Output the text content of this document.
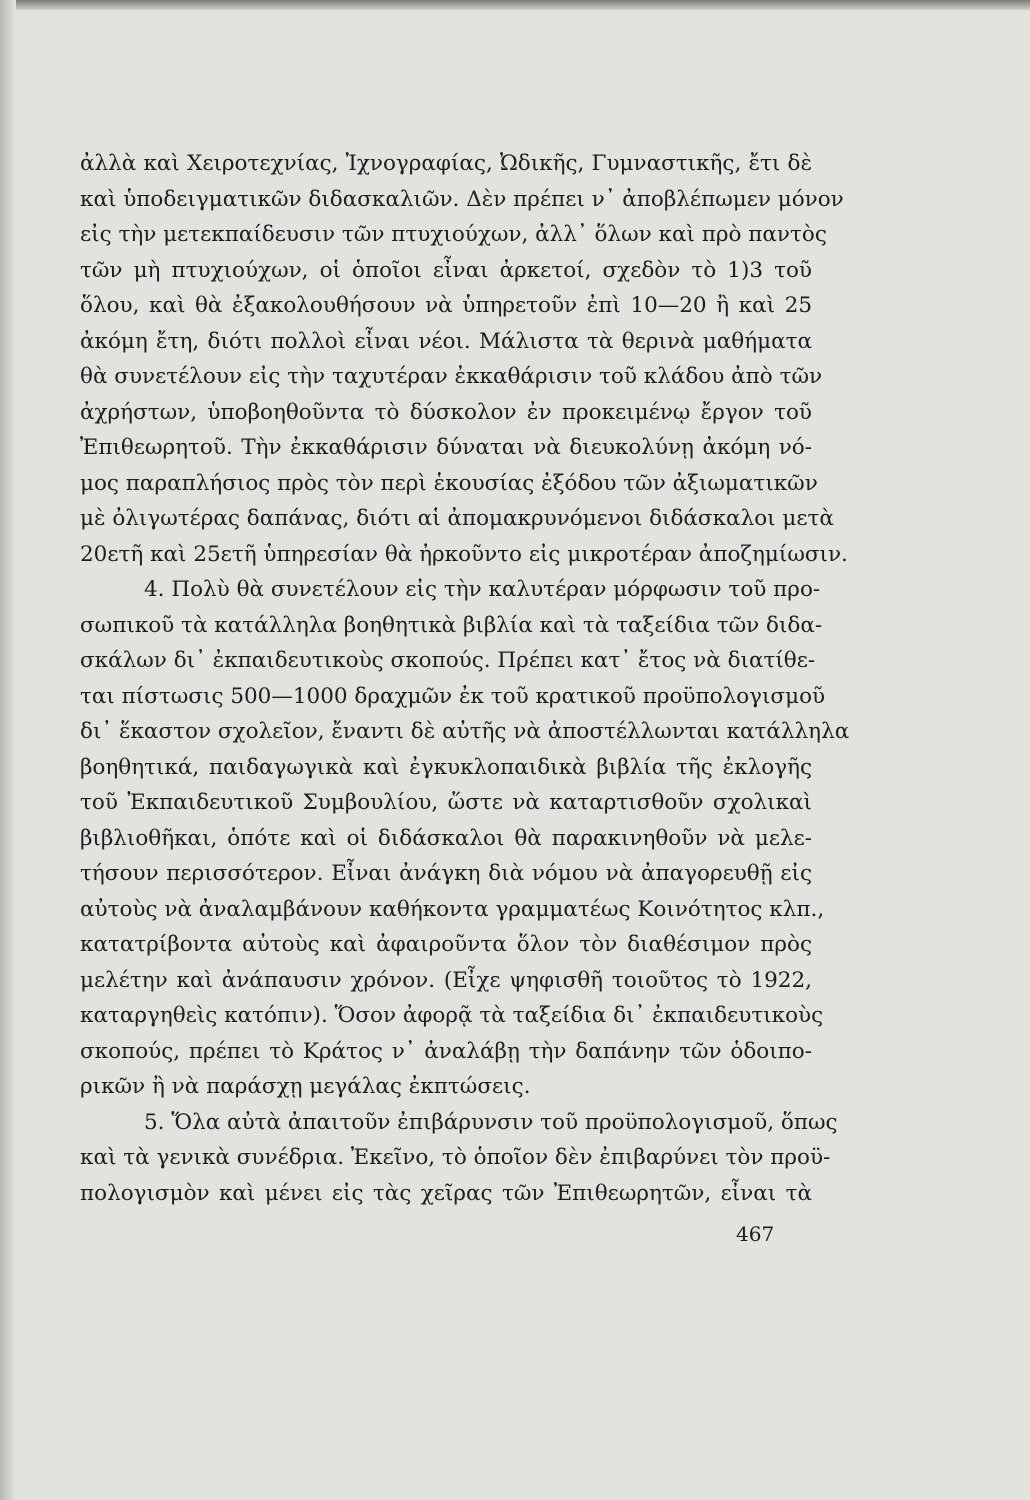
ἀλλὰ καὶ Χειροτεχνίας, Ἰχνογραφίας, Ὠδικῆς, Γυμναστικῆς, ἔτι δὲ
καὶ ὑποδειγματικῶν διδασκαλιῶν. Δὲν πρέπει ν᾿ ἀποβλέπωμεν μόνον
εἰς τὴν μετεκπαίδευσιν τῶν πτυχιούχων, ἀλλ᾿ ὅλων καὶ πρὸ παντὸς
τῶν μὴ πτυχιούχων, οἱ ὁποῖοι εἶναι ἀρκετοί, σχεδὸν τὸ 1)3 τοῦ
ὅλου, καὶ θὰ ἐξακολουθήσουν νὰ ὑπηρετοῦν ἐπὶ 10—20 ἢ καὶ 25
ἀκόμη ἔτη, διότι πολλοὶ εἶναι νέοι. Μάλιστα τὰ θερινὰ μαθήματα
θὰ συνετέλουν εἰς τὴν ταχυτέραν ἐκκαθάρισιν τοῦ κλάδου ἀπὸ τῶν
ἀχρήστων, ὑποβοηθοῦντα τὸ δύσκολον ἐν προκειμένῳ ἔργον τοῦ
Ἐπιθεωρητοῦ. Τὴν ἐκκαθάρισιν δύναται νὰ διευκολύνῃ ἀκόμη νό-
μος παραπλήσιος πρὸς τὸν περὶ ἑκουσίας ἐξόδου τῶν ἀξιωματικῶν
μὲ ὀλιγωτέρας δαπάνας, διότι αἱ ἀπομακρυνόμενοι διδάσκαλοι μετὰ
20ετῆ καὶ 25ετῆ ὑπηρεσίαν θὰ ἠρκοῦντο εἰς μικροτέραν ἀποζημίωσιν.
4. Πολὺ θὰ συνετέλουν εἰς τὴν καλυτέραν μόρφωσιν τοῦ προ-
σωπικοῦ τὰ κατάλληλα βοηθητικὰ βιβλία καὶ τὰ ταξείδια τῶν διδα-
σκάλων δι᾿ ἐκπαιδευτικοὺς σκοπούς. Πρέπει κατ᾿ ἔτος νὰ διατίθε-
ται πίστωσις 500—1000 δραχμῶν ἐκ τοῦ κρατικοῦ προϋπολογισμοῦ
δι᾿ ἕκαστον σχολεῖον, ἔναντι δὲ αὐτῆς νὰ ἀποστέλλωνται κατάλληλα
βοηθητικά, παιδαγωγικὰ καὶ ἐγκυκλοπαιδικὰ βιβλία τῆς ἐκλογῆς
τοῦ Ἐκπαιδευτικοῦ Συμβουλίου, ὥστε νὰ καταρτισθοῦν σχολικαὶ
βιβλιοθῆκαι, ὁπότε καὶ οἱ διδάσκαλοι θὰ παρακινηθοῦν νὰ μελε-
τήσουν περισσότερον. Εἶναι ἀνάγκη διὰ νόμου νὰ ἀπαγορευθῇ εἰς
αὐτοὺς νὰ ἀναλαμβάνουν καθήκοντα γραμματέως Κοινότητος κλπ.,
κατατρίβοντα αὐτοὺς καὶ ἀφαιροῦντα ὅλον τὸν διαθέσιμον πρὸς
μελέτην καὶ ἀνάπαυσιν χρόνον. (Εἶχε ψηφισθῆ τοιοῦτος τὸ 1922,
καταργηθεὶς κατόπιν). Ὅσον ἀφορᾷ τὰ ταξείδια δι᾿ ἐκπαιδευτικοὺς
σκοπούς, πρέπει τὸ Κράτος ν᾿ ἀναλάβῃ τὴν δαπάνην τῶν ὁδοιπο-
ρικῶν ἢ νὰ παράσχῃ μεγάλας ἐκπτώσεις.
5. Ὅλα αὐτὰ ἀπαιτοῦν ἐπιβάρυνσιν τοῦ προϋπολογισμοῦ, ὅπως
καὶ τὰ γενικὰ συνέδρια. Ἐκεῖνο, τὸ ὁποῖον δὲν ἐπιβαρύνει τὸν προϋ-
πολογισμὸν καὶ μένει εἰς τὰς χεῖρας τῶν Ἐπιθεωρητῶν, εἶναι τὰ
467
